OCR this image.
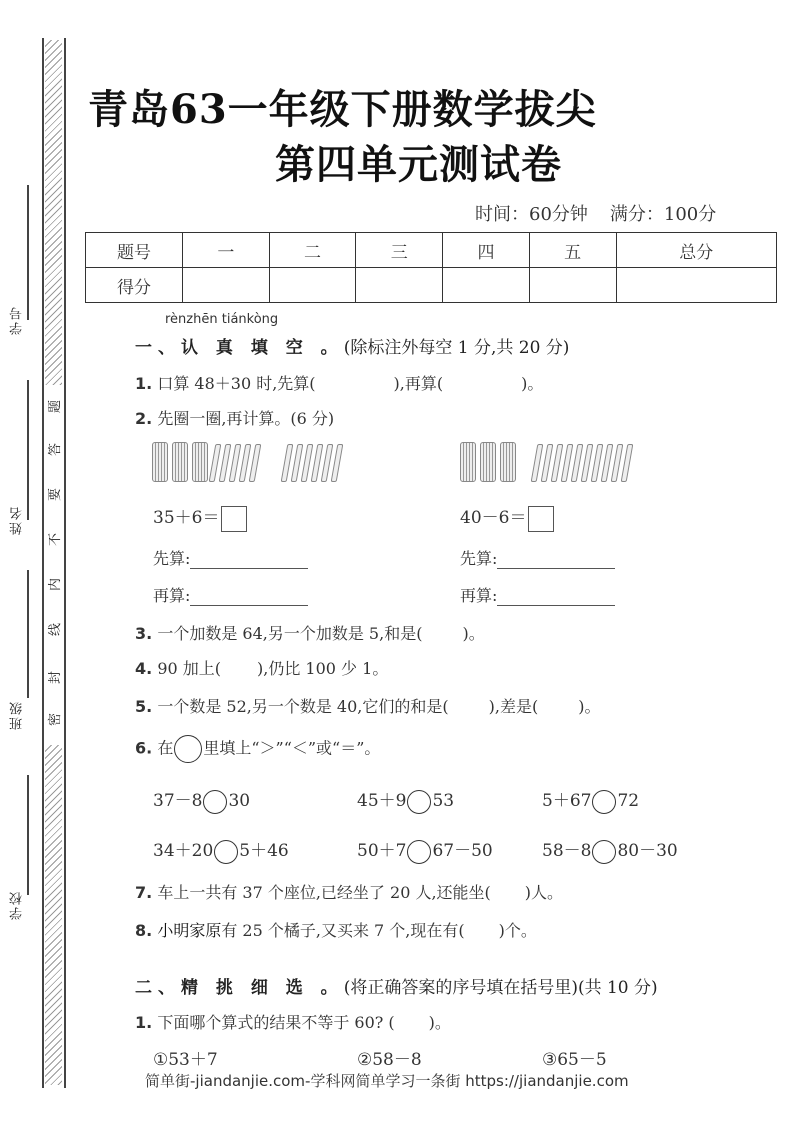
学号
姓名
班级
学校
题
答
要
不
内
线
封
密
青岛63一年级下册数学拔尖
第四单元测试卷
时间：60分钟 满分：100分
题号	一	二	三	四	五	总分
得分						
rènzhēn tiánkòng
一、认 真 填 空 。(除标注外每空 1 分,共 20 分)
1. 口算 48＋30 时,先算(	),再算(	)。
2. 先圈一圈,再计算。(6 分)
35＋6＝	40－6＝
先算:
再算:
先算:
再算:
3. 一个加数是 64,另一个加数是 5,和是(	)。
4. 90 加上( ),仍比 100 少 1。
5. 一个数是 52,另一个数是 40,它们的和是(	),差是(	)。
6. 在 里填上“＞”“＜”或“＝”。
37－8 30	45＋9 53	5＋67 72
34＋20 5＋46	50＋7 67－50	58－8 80－30
7. 车上一共有 37 个座位,已经坐了 20 人,还能坐( )人。
8. 小明家原有 25 个橘子,又买来 7 个,现在有( )个。
二、精 挑 细 选 。(将正确答案的序号填在括号里)(共 10 分)
1. 下面哪个算式的结果不等于 60? ( )。
①53＋7	②58－8	③65－5
简单街-jiandanjie.com-学科网简单学习一条街 https://jiandanjie.com
